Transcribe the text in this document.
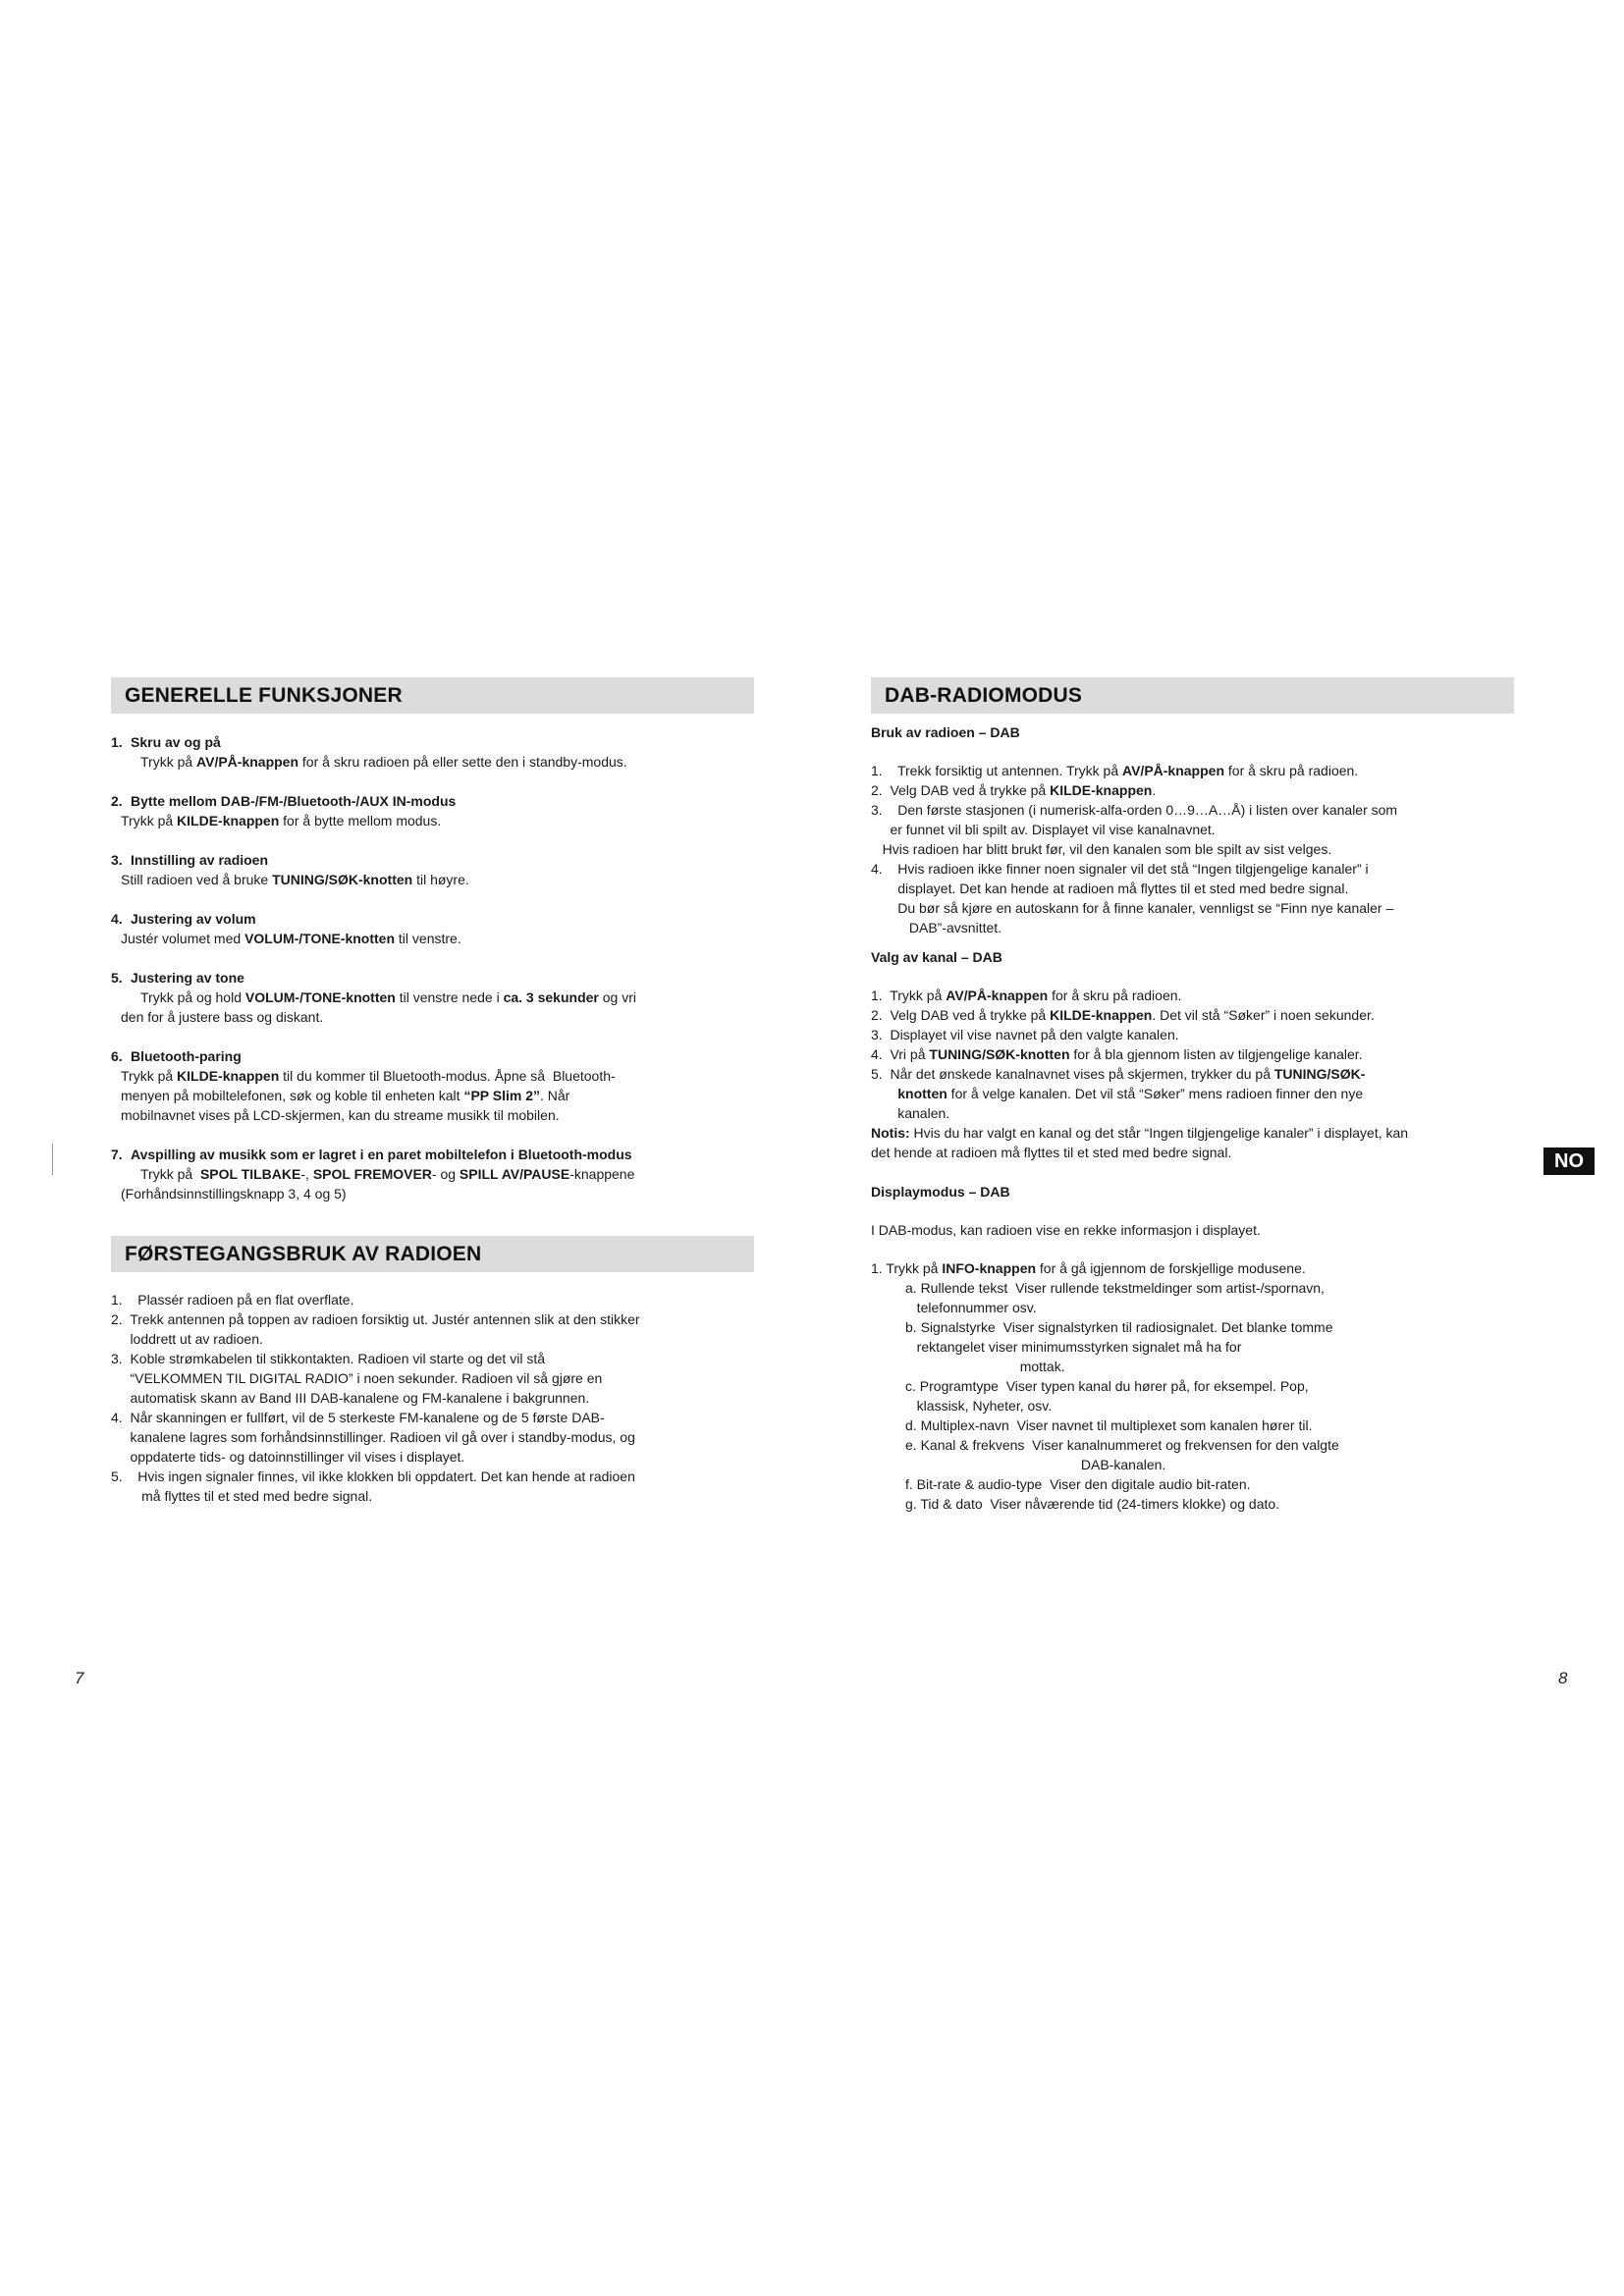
GENERELLE FUNKSJONER
1. Skru av og på
Trykk på AV/PÅ-knappen for å skru radioen på eller sette den i standby-modus.
2. Bytte mellom DAB-/FM-/Bluetooth-/AUX IN-modus
Trykk på KILDE-knappen for å bytte mellom modus.
3. Innstilling av radioen
Still radioen ved å bruke TUNING/SØK-knotten til høyre.
4. Justering av volum
Justér volumet med VOLUM-/TONE-knotten til venstre.
5. Justering av tone
Trykk på og hold VOLUM-/TONE-knotten til venstre nede i ca. 3 sekunder og vri
den for å justere bass og diskant.
6. Bluetooth-paring
Trykk på KILDE-knappen til du kommer til Bluetooth-modus. Åpne så  Bluetooth-
menyen på mobiltelefonen, søk og koble til enheten kalt “PP Slim 2”. Når
mobilnavnet vises på LCD-skjermen, kan du streame musikk til mobilen.
7. Avspilling av musikk som er lagret i en paret mobiltelefon i Bluetooth-modus
Trykk på  SPOL TILBAKE-, SPOL FREMOVER- og SPILL AV/PAUSE-knappene
(Forhåndsinnstillingsknapp 3, 4 og 5)
FØRSTEGANGSBRUK AV RADIOEN
1.    Plassér radioen på en flat overflate.
2.  Trekk antennen på toppen av radioen forsiktig ut. Justér antennen slik at den stikker
loddrett ut av radioen.
3.  Koble strømkabelen til stikkontakten. Radioen vil starte og det vil stå
“VELKOMMEN TIL DIGITAL RADIO” i noen sekunder. Radioen vil så gjøre en
automatisk skann av Band III DAB-kanalene og FM-kanalene i bakgrunnen.
4.  Når skanningen er fullført, vil de 5 sterkeste FM-kanalene og de 5 første DAB-
kanalene lagres som forhåndsinnstillinger. Radioen vil gå over i standby-modus, og
oppdaterte tids- og datoinnstillinger vil vises i displayet.
5.    Hvis ingen signaler finnes, vil ikke klokken bli oppdatert. Det kan hende at radioen
må flyttes til et sted med bedre signal.
DAB-RADIOMODUS
Bruk av radioen – DAB
1.    Trekk forsiktig ut antennen. Trykk på AV/PÅ-knappen for å skru på radioen.
2.  Velg DAB ved å trykke på KILDE-knappen.
3.    Den første stasjonen (i numerisk-alfa-orden 0…9…A…Å) i listen over kanaler som
er funnet vil bli spilt av. Displayet vil vise kanalnavnet.
Hvis radioen har blitt brukt før, vil den kanalen som ble spilt av sist velges.
4.    Hvis radioen ikke finner noen signaler vil det stå “Ingen tilgjengelige kanaler” i
displayet. Det kan hende at radioen må flyttes til et sted med bedre signal.
Du bør så kjøre en autoskann for å finne kanaler, vennligst se “Finn nye kanaler –
DAB”-avsnittet.
Valg av kanal – DAB
1.  Trykk på AV/PÅ-knappen for å skru på radioen.
2.  Velg DAB ved å trykke på KILDE-knappen. Det vil stå “Søker” i noen sekunder.
3.  Displayet vil vise navnet på den valgte kanalen.
4.  Vri på TUNING/SØK-knotten for å bla gjennom listen av tilgjengelige kanaler.
5.  Når det ønskede kanalnavnet vises på skjermen, trykker du på TUNING/SØK-
knotten for å velge kanalen. Det vil stå “Søker” mens radioen finner den nye
kanalen.
Notis: Hvis du har valgt en kanal og det står “Ingen tilgjengelige kanaler” i displayet, kan
det hende at radioen må flyttes til et sted med bedre signal.
Displaymodus – DAB
I DAB-modus, kan radioen vise en rekke informasjon i displayet.
1. Trykk på INFO-knappen for å gå igjennom de forskjellige modusene.
a. Rullende tekst  Viser rullende tekstmeldinger som artist-/spornavn,
telefonnummer osv.
b. Signalstyrke  Viser signalstyrken til radiosignalet. Det blanke tomme
rektangelet viser minimumsstyrken signalet må ha for
mottak.
c. Programtype  Viser typen kanal du hører på, for eksempel. Pop,
klassisk, Nyheter, osv.
d. Multiplex-navn  Viser navnet til multiplexet som kanalen hører til.
e. Kanal & frekvens  Viser kanalnummeret og frekvensen for den valgte
DAB-kanalen.
f. Bit-rate & audio-type  Viser den digitale audio bit-raten.
g. Tid & dato  Viser nåværende tid (24-timers klokke) og dato.
7	8
NO
